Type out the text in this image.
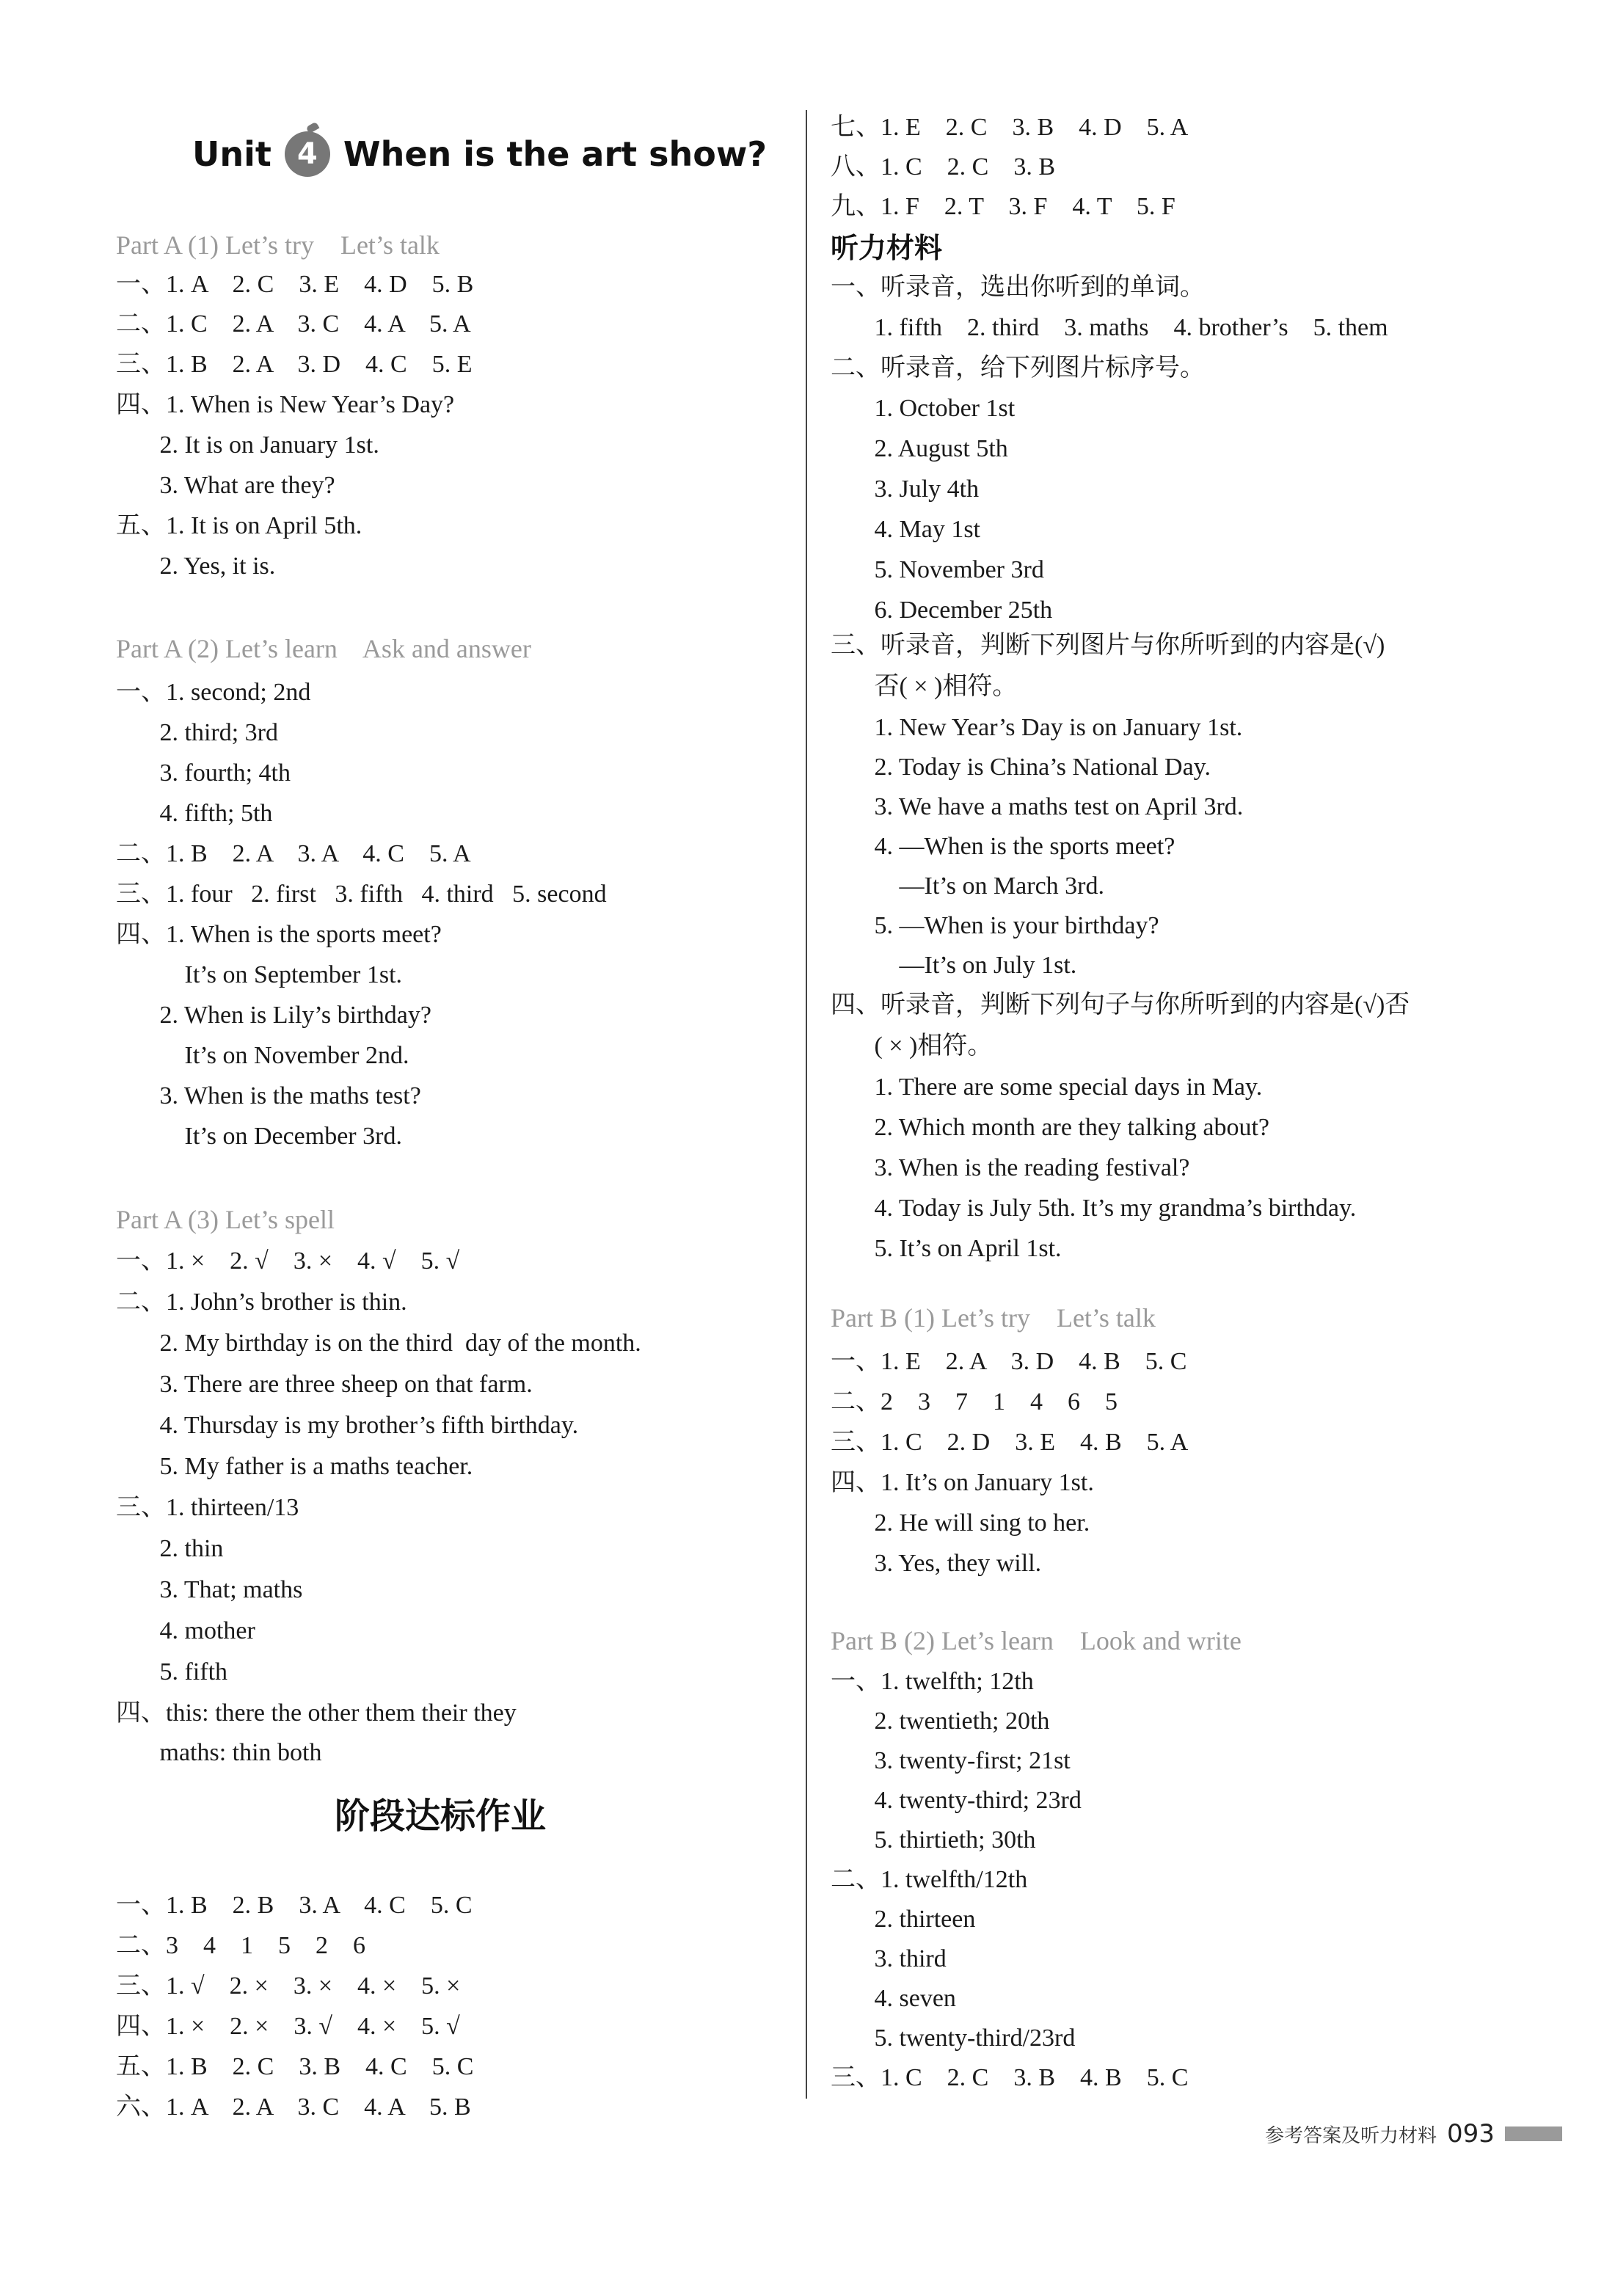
Unit 4 When is the art show?
Part A (1) Let’s try    Let’s talk
一、1. A    2. C    3. E    4. D    5. B
二、1. C    2. A    3. C    4. A    5. A
三、1. B    2. A    3. D    4. C    5. E
四、1. When is New Year’s Day?
2. It is on January 1st.
3. What are they?
五、1. It is on April 5th.
2. Yes, it is.
Part A (2) Let’s learn    Ask and answer
一、1. second; 2nd
2. third; 3rd
3. fourth; 4th
4. fifth; 5th
二、1. B    2. A    3. A    4. C    5. A
三、1. four   2. first   3. fifth   4. third   5. second
四、1. When is the sports meet?
It’s on September 1st.
2. When is Lily’s birthday?
It’s on November 2nd.
3. When is the maths test?
It’s on December 3rd.
Part A (3) Let’s spell
一、1. ×    2. √    3. ×    4. √    5. √
二、1. John’s brother is thin.
2. My birthday is on the third  day of the month.
3. There are three sheep on that farm.
4. Thursday is my brother’s fifth birthday.
5. My father is a maths teacher.
三、1. thirteen/13
2. thin
3. That; maths
4. mother
5. fifth
四、this: there the other them their they
maths: thin both
一、1. B    2. B    3. A    4. C    5. C
二、3    4    1    5    2    6
三、1. √    2. ×    3. ×    4. ×    5. ×
四、1. ×    2. ×    3. √    4. ×    5. √
五、1. B    2. C    3. B    4. C    5. C
六、1. A    2. A    3. C    4. A    5. B
阶段达标作业
七、1. E    2. C    3. B    4. D    5. A
八、1. C    2. C    3. B
九、1. F    2. T    3. F    4. T    5. F
听力材料
一、听录音，选出你听到的单词。
1. fifth    2. third    3. maths    4. brother’s    5. them
二、听录音，给下列图片标序号。
1. October 1st
2. August 5th
3. July 4th
4. May 1st
5. November 3rd
6. December 25th
三、听录音，判断下列图片与你所听到的内容是(√)
否( × )相符。
1. New Year’s Day is on January 1st.
2. Today is China’s National Day.
3. We have a maths test on April 3rd.
4. —When is the sports meet?
—It’s on March 3rd.
5. —When is your birthday?
—It’s on July 1st.
四、听录音，判断下列句子与你所听到的内容是(√)否
( × )相符。
1. There are some special days in May.
2. Which month are they talking about?
3. When is the reading festival?
4. Today is July 5th. It’s my grandma’s birthday.
5. It’s on April 1st.
Part B (1) Let’s try    Let’s talk
一、1. E    2. A    3. D    4. B    5. C
二、2    3    7    1    4    6    5
三、1. C    2. D    3. E    4. B    5. A
四、1. It’s on January 1st.
2. He will sing to her.
3. Yes, they will.
Part B (2) Let’s learn    Look and write
一、1. twelfth; 12th
2. twentieth; 20th
3. twenty-first; 21st
4. twenty-third; 23rd
5. thirtieth; 30th
二、1. twelfth/12th
2. thirteen
3. third
4. seven
5. twenty-third/23rd
三、1. C    2. C    3. B    4. B    5. C
参考答案及听力材料 093
